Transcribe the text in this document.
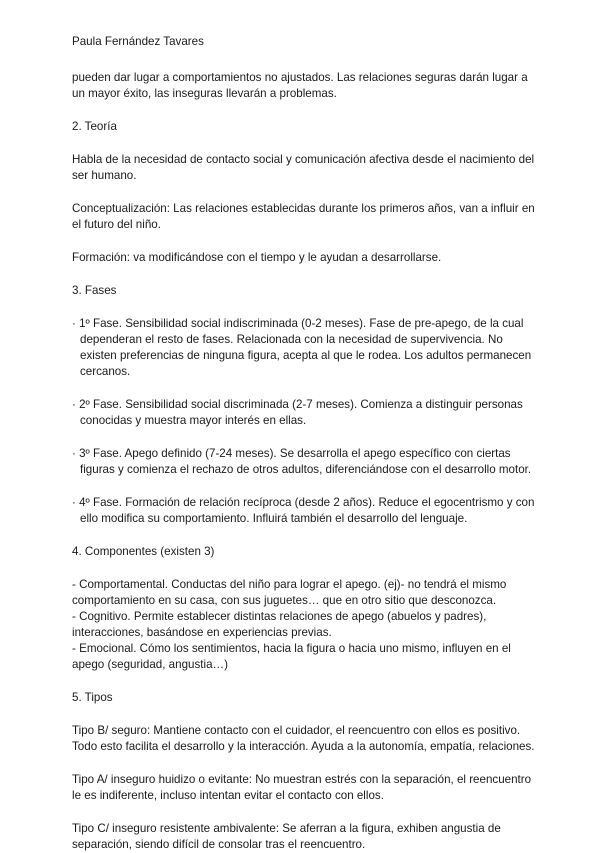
Paula Fernández Tavares

pueden dar lugar a comportamientos no ajustados. Las relaciones seguras darán lugar a un mayor éxito, las inseguras llevarán a problemas.

2. Teoría

Habla de la necesidad de contacto social y comunicación afectiva desde el nacimiento del ser humano.

Conceptualización: Las relaciones establecidas durante los primeros años, van a influir en el futuro del niño.

Formación: va modificándose con el tiempo y le ayudan a desarrollarse.

3. Fases

· 1º Fase. Sensibilidad social indiscriminada (0-2 meses). Fase de pre-apego, de la cual dependeran el resto de fases. Relacionada con la necesidad de supervivencia. No existen preferencias de ninguna figura, acepta al que le rodea. Los adultos permanecen cercanos.

· 2º Fase. Sensibilidad social discriminada (2-7 meses). Comienza a distinguir personas conocidas y muestra mayor interés en ellas.

· 3º Fase. Apego definido (7-24 meses). Se desarrolla el apego específico con ciertas figuras y comienza el rechazo de otros adultos, diferenciándose con el desarrollo motor.

· 4º Fase. Formación de relación recíproca (desde 2 años). Reduce el egocentrismo y con ello modifica su comportamiento. Influirá también el desarrollo del lenguaje.

4. Componentes (existen 3)

- Comportamental. Conductas del niño para lograr el apego. (ej)- no tendrá el mismo comportamiento en su casa, con sus juguetes… que en otro sitio que desconozca.

- Cognitivo. Permite establecer distintas relaciones de apego (abuelos y padres), interacciones, basándose en experiencias previas.

- Emocional. Cómo los sentimientos, hacia la figura o hacia uno mismo, influyen en el apego (seguridad, angustia…)

5. Tipos

Tipo B/ seguro: Mantiene contacto con el cuidador, el reencuentro con ellos es positivo. Todo esto facilita el desarrollo y la interacción. Ayuda a la autonomía, empatía, relaciones.

Tipo A/ inseguro huidizo o evitante: No muestran estrés con la separación, el reencuentro le es indiferente, incluso intentan evitar el contacto con ellos.

Tipo C/ inseguro resistente ambivalente: Se aferran a la figura, exhiben angustia de separación, siendo difícil de consolar tras el reencuentro.
